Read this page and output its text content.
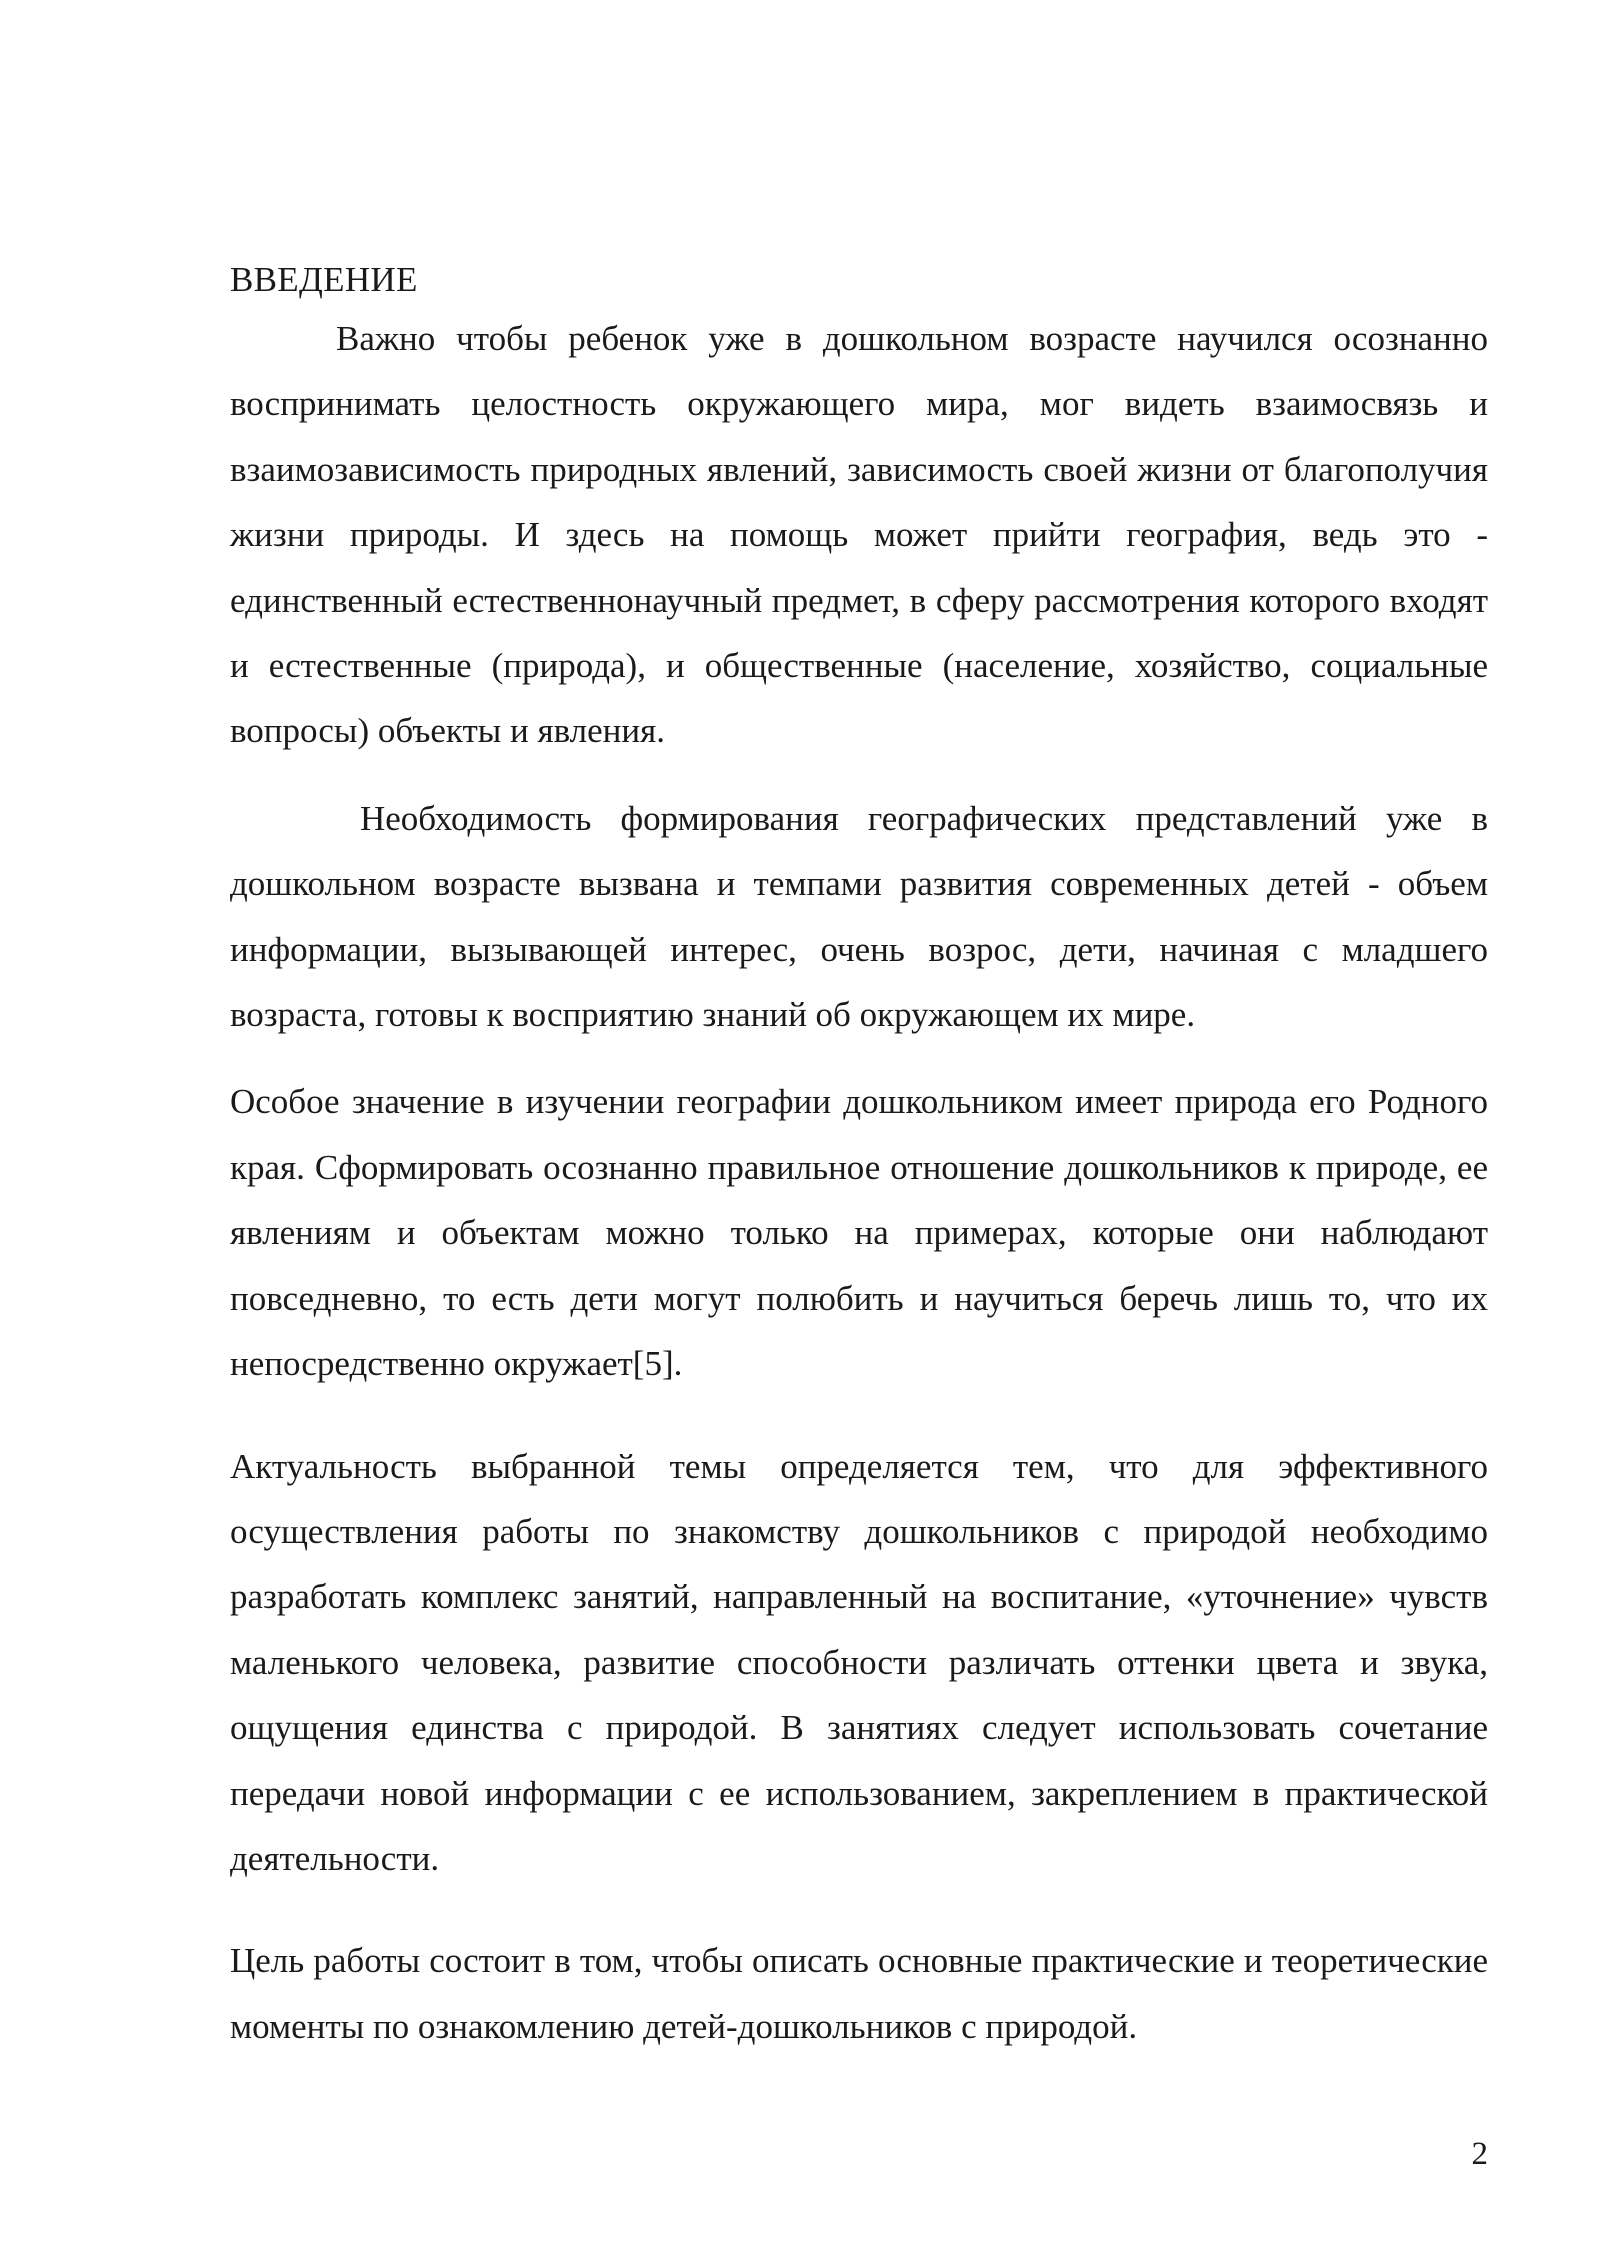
ВВЕДЕНИЕ

Важно чтобы ребенок уже в дошкольном возрасте научился осознанно воспринимать целостность окружающего мира, мог видеть взаимосвязь и взаимозависимость природных явлений, зависимость своей жизни от благополучия жизни природы. И здесь на помощь может прийти география, ведь это - единственный естественнонаучный предмет, в сферу рассмотрения которого входят и естественные (природа), и общественные (население, хозяйство, социальные вопросы) объекты и явления.

Необходимость формирования географических представлений уже в дошкольном возрасте вызвана и темпами развития современных детей - объем информации, вызывающей интерес, очень возрос, дети, начиная с младшего возраста, готовы к восприятию знаний об окружающем их мире.

Особое значение в изучении географии дошкольником имеет природа его Родного края. Сформировать осознанно правильное отношение дошкольников к природе, ее явлениям и объектам можно только на примерах, которые они наблюдают повседневно, то есть дети могут полюбить и научиться беречь лишь то, что их непосредственно окружает[5].

Актуальность выбранной темы определяется тем, что для эффективного осуществления работы по знакомству дошкольников с природой необходимо разработать комплекс занятий, направленный на воспитание, «уточнение» чувств маленького человека, развитие способности различать оттенки цвета и звука, ощущения единства с природой. В занятиях следует использовать сочетание передачи новой информации с ее использованием, закреплением в практической деятельности.

Цель работы состоит в том, чтобы описать основные практические и теоретические моменты по ознакомлению детей-дошкольников с природой.

2
